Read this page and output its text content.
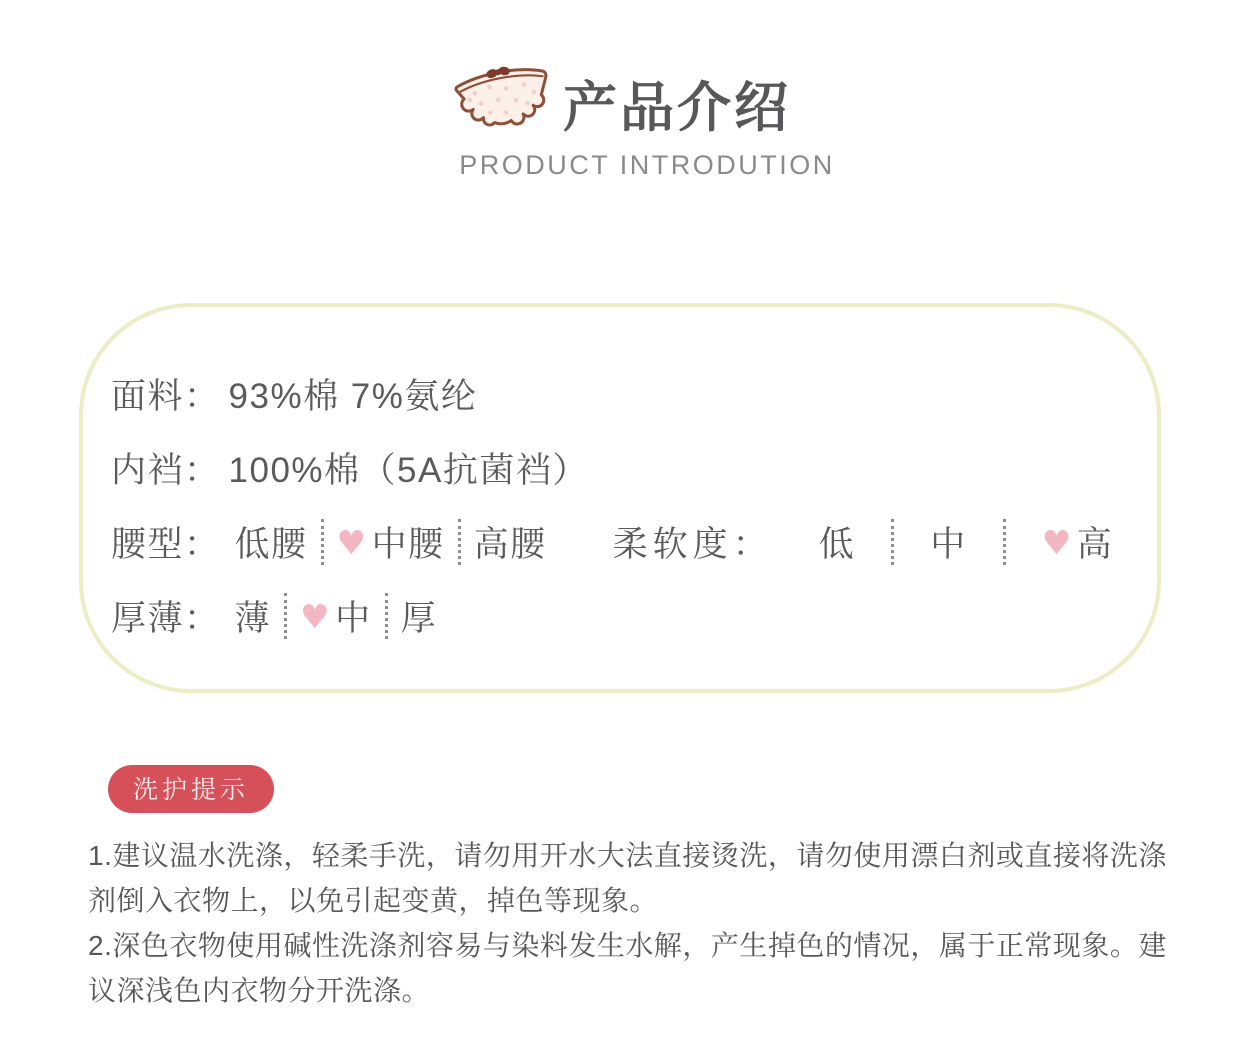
产品介绍
PRODUCT INTRODUTION
面料： 93%棉 7%氨纶
内裆： 100%棉（5A抗菌裆）
腰型： 低腰 ♥ 中腰 高腰 柔软度： 低 中 ♥ 高
厚薄： 薄 ♥ 中 厚
洗护提示
1.建议温水洗涤，轻柔手洗，请勿用开水大法直接烫洗，请勿使用漂白剂或直接将洗涤
剂倒入衣物上，以免引起变黄，掉色等现象。
2.深色衣物使用碱性洗涤剂容易与染料发生水解，产生掉色的情况，属于正常现象。建
议深浅色内衣物分开洗涤。
